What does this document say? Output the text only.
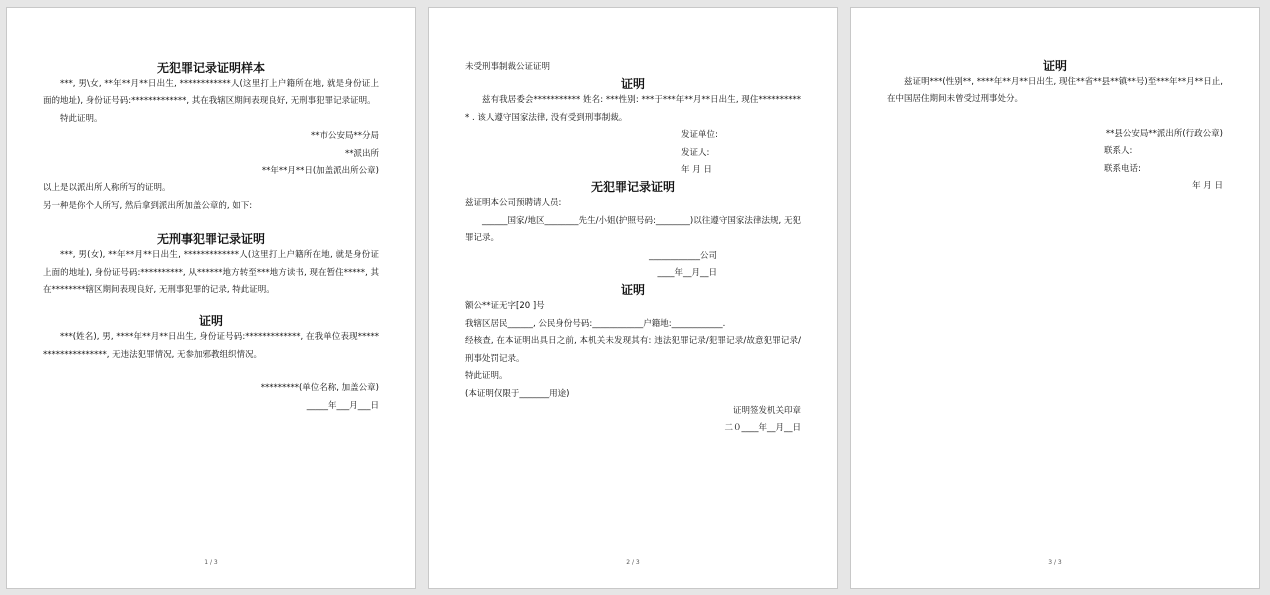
无犯罪记录证明样本
***, 男\女, **年**月**日出生, ************人(这里打上户籍所在地, 就是身份证上面的地址), 身份证号码:*************, 其在我辖区期间表现良好, 无刑事犯罪记录证明。
特此证明。
**市公安局**分局
**派出所
**年**月**日(加盖派出所公章)
以上是以派出所人称所写的证明。
另一种是你个人所写, 然后拿到派出所加盖公章的, 如下:
无刑事犯罪记录证明
***, 男(女), **年**月**日出生, *************人(这里打上户籍所在地, 就是身份证上面的地址), 身份证号码:**********, 从******地方转至***地方读书, 现在暂住*****, 其在********辖区期间表现良好, 无刑事犯罪的记录, 特此证明。
证明
***(姓名), 男, ****年**月**日出生, 身份证号码:*************, 在我单位表现********************, 无违法犯罪情况, 无参加邪教组织情况。
*********(单位名称, 加盖公章)
_____年___月___日
1 / 3
未受刑事制裁公证证明
证明
兹有我居委会*********** 姓名: ***性别: ***于***年**月**日出生, 现住*********** . 该人遵守国家法律, 没有受到刑事制裁。
发证单位:
发证人:
年 月 日
无犯罪记录证明
兹证明本公司预聘请人员:
______国家/地区________先生/小姐(护照号码:________)以往遵守国家法律法规, 无犯罪记录。
____________公司
____年__月__日
证明
额公**证无字[20 ]号
我辖区居民______, 公民身份号码:____________户籍地:____________.
经核查, 在本证明出具日之前, 本机关未发现其有: 违法犯罪记录/犯罪记录/故意犯罪记录/刑事处罚记录。
特此证明。
(本证明仅限于_______用途)
证明签发机关印章
二０____年__月__日
2 / 3
证明
兹证明***(性别**, ****年**月**日出生, 现住**省**县**镇**号)至***年**月**日止, 在中国居住期间未曾受过刑事处分。
**县公安局**派出所(行政公章)
联系人:
联系电话:
年 月 日
3 / 3
